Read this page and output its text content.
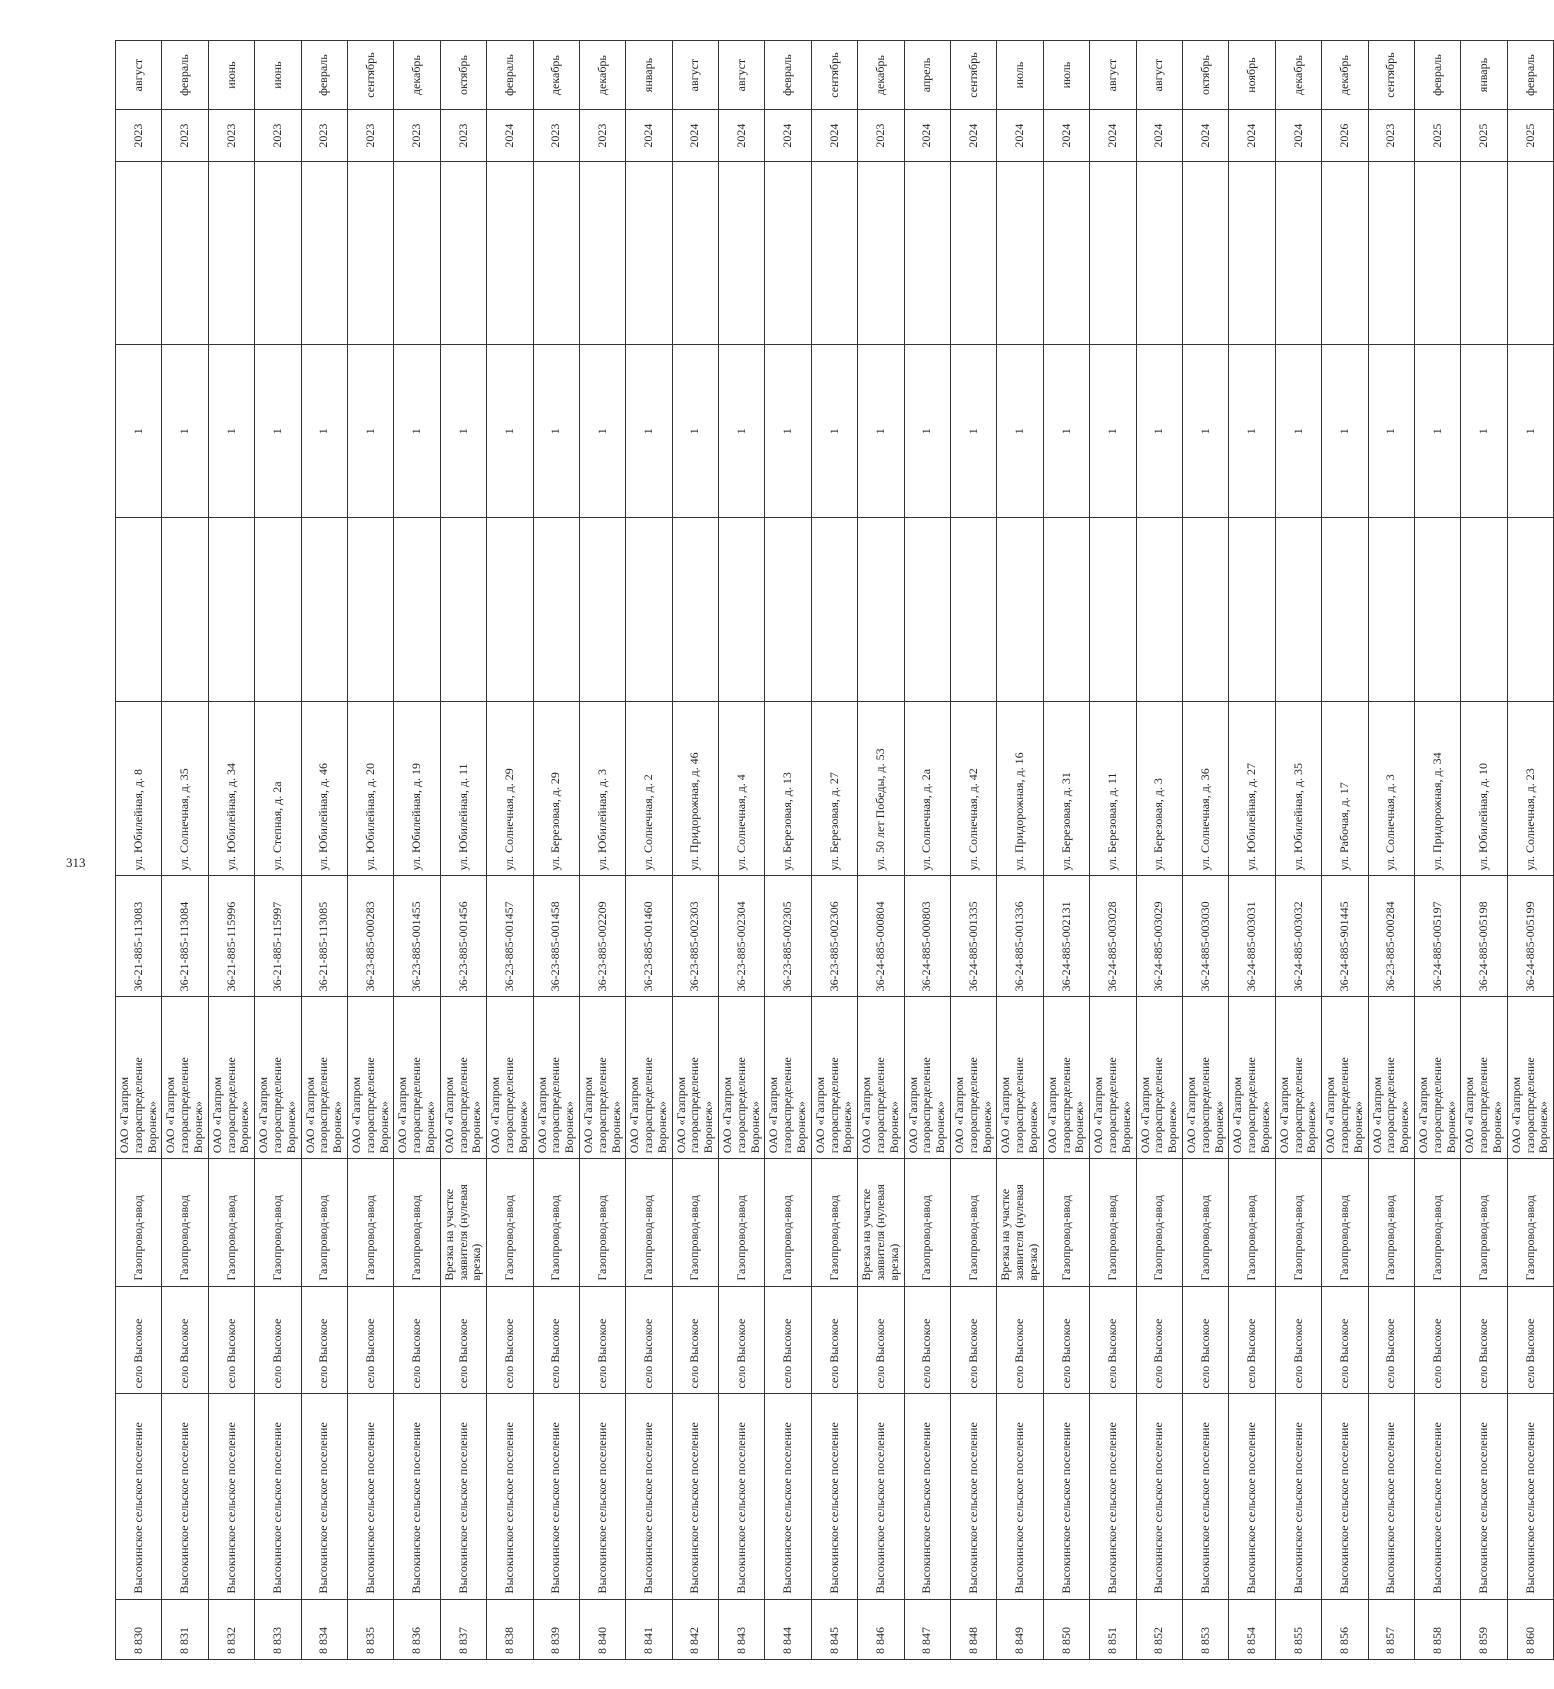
313
8 830	Высокинское сельское поселение	село Высокое	Газопровод-ввод	ОАО «Газпром газораспределение Воронеж»	36-21-885-113083	ул. Юбилейная, д. 8		1		2023	август
8 831	Высокинское сельское поселение	село Высокое	Газопровод-ввод	ОАО «Газпром газораспределение Воронеж»	36-21-885-113084	ул. Солнечная, д. 35		1		2023	февраль
8 832	Высокинское сельское поселение	село Высокое	Газопровод-ввод	ОАО «Газпром газораспределение Воронеж»	36-21-885-115996	ул. Юбилейная, д. 34		1		2023	июнь
8 833	Высокинское сельское поселение	село Высокое	Газопровод-ввод	ОАО «Газпром газораспределение Воронеж»	36-21-885-115997	ул. Степная, д. 2а		1		2023	июнь
8 834	Высокинское сельское поселение	село Высокое	Газопровод-ввод	ОАО «Газпром газораспределение Воронеж»	36-21-885-113085	ул. Юбилейная, д. 46		1		2023	февраль
8 835	Высокинское сельское поселение	село Высокое	Газопровод-ввод	ОАО «Газпром газораспределение Воронеж»	36-23-885-000283	ул. Юбилейная, д. 20		1		2023	сентябрь
8 836	Высокинское сельское поселение	село Высокое	Газопровод-ввод	ОАО «Газпром газораспределение Воронеж»	36-23-885-001455	ул. Юбилейная, д. 19		1		2023	декабрь
8 837	Высокинское сельское поселение	село Высокое	Врезка на участке заявителя (нулевая врезка)	ОАО «Газпром газораспределение Воронеж»	36-23-885-001456	ул. Юбилейная, д. 11		1		2023	октябрь
8 838	Высокинское сельское поселение	село Высокое	Газопровод-ввод	ОАО «Газпром газораспределение Воронеж»	36-23-885-001457	ул. Солнечная, д. 29		1		2024	февраль
8 839	Высокинское сельское поселение	село Высокое	Газопровод-ввод	ОАО «Газпром газораспределение Воронеж»	36-23-885-001458	ул. Березовая, д. 29		1		2023	декабрь
8 840	Высокинское сельское поселение	село Высокое	Газопровод-ввод	ОАО «Газпром газораспределение Воронеж»	36-23-885-002209	ул. Юбилейная, д. 3		1		2023	декабрь
8 841	Высокинское сельское поселение	село Высокое	Газопровод-ввод	ОАО «Газпром газораспределение Воронеж»	36-23-885-001460	ул. Солнечная, д. 2		1		2024	январь
8 842	Высокинское сельское поселение	село Высокое	Газопровод-ввод	ОАО «Газпром газораспределение Воронеж»	36-23-885-002303	ул. Придорожная, д. 46		1		2024	август
8 843	Высокинское сельское поселение	село Высокое	Газопровод-ввод	ОАО «Газпром газораспределение Воронеж»	36-23-885-002304	ул. Солнечная, д. 4		1		2024	август
8 844	Высокинское сельское поселение	село Высокое	Газопровод-ввод	ОАО «Газпром газораспределение Воронеж»	36-23-885-002305	ул. Березовая, д. 13		1		2024	февраль
8 845	Высокинское сельское поселение	село Высокое	Газопровод-ввод	ОАО «Газпром газораспределение Воронеж»	36-23-885-002306	ул. Березовая, д. 27		1		2024	сентябрь
8 846	Высокинское сельское поселение	село Высокое	Врезка на участке заявителя (нулевая врезка)	ОАО «Газпром газораспределение Воронеж»	36-24-885-000804	ул. 50 лет Победы, д. 53		1		2023	декабрь
8 847	Высокинское сельское поселение	село Высокое	Газопровод-ввод	ОАО «Газпром газораспределение Воронеж»	36-24-885-000803	ул. Солнечная, д. 2а		1		2024	апрель
8 848	Высокинское сельское поселение	село Высокое	Газопровод-ввод	ОАО «Газпром газораспределение Воронеж»	36-24-885-001335	ул. Солнечная, д. 42		1		2024	сентябрь
8 849	Высокинское сельское поселение	село Высокое	Врезка на участке заявителя (нулевая врезка)	ОАО «Газпром газораспределение Воронеж»	36-24-885-001336	ул. Придорожная, д. 16		1		2024	июль
8 850	Высокинское сельское поселение	село Высокое	Газопровод-ввод	ОАО «Газпром газораспределение Воронеж»	36-24-885-002131	ул. Березовая, д. 31		1		2024	июль
8 851	Высокинское сельское поселение	село Высокое	Газопровод-ввод	ОАО «Газпром газораспределение Воронеж»	36-24-885-003028	ул. Березовая, д. 11		1		2024	август
8 852	Высокинское сельское поселение	село Высокое	Газопровод-ввод	ОАО «Газпром газораспределение Воронеж»	36-24-885-003029	ул. Березовая, д. 3		1		2024	август
8 853	Высокинское сельское поселение	село Высокое	Газопровод-ввод	ОАО «Газпром газораспределение Воронеж»	36-24-885-003030	ул. Солнечная, д. 36		1		2024	октябрь
8 854	Высокинское сельское поселение	село Высокое	Газопровод-ввод	ОАО «Газпром газораспределение Воронеж»	36-24-885-003031	ул. Юбилейная, д. 27		1		2024	ноябрь
8 855	Высокинское сельское поселение	село Высокое	Газопровод-ввод	ОАО «Газпром газораспределение Воронеж»	36-24-885-003032	ул. Юбилейная, д. 35		1		2024	декабрь
8 856	Высокинское сельское поселение	село Высокое	Газопровод-ввод	ОАО «Газпром газораспределение Воронеж»	36-24-885-901445	ул. Рабочая, д. 17		1		2026	декабрь
8 857	Высокинское сельское поселение	село Высокое	Газопровод-ввод	ОАО «Газпром газораспределение Воронеж»	36-23-885-000284	ул. Солнечная, д. 3		1		2023	сентябрь
8 858	Высокинское сельское поселение	село Высокое	Газопровод-ввод	ОАО «Газпром газораспределение Воронеж»	36-24-885-005197	ул. Придорожная, д. 34		1		2025	февраль
8 859	Высокинское сельское поселение	село Высокое	Газопровод-ввод	ОАО «Газпром газораспределение Воронеж»	36-24-885-005198	ул. Юбилейная, д. 10		1		2025	январь
8 860	Высокинское сельское поселение	село Высокое	Газопровод-ввод	ОАО «Газпром газораспределение Воронеж»	36-24-885-005199	ул. Солнечная, д. 23		1		2025	февраль
